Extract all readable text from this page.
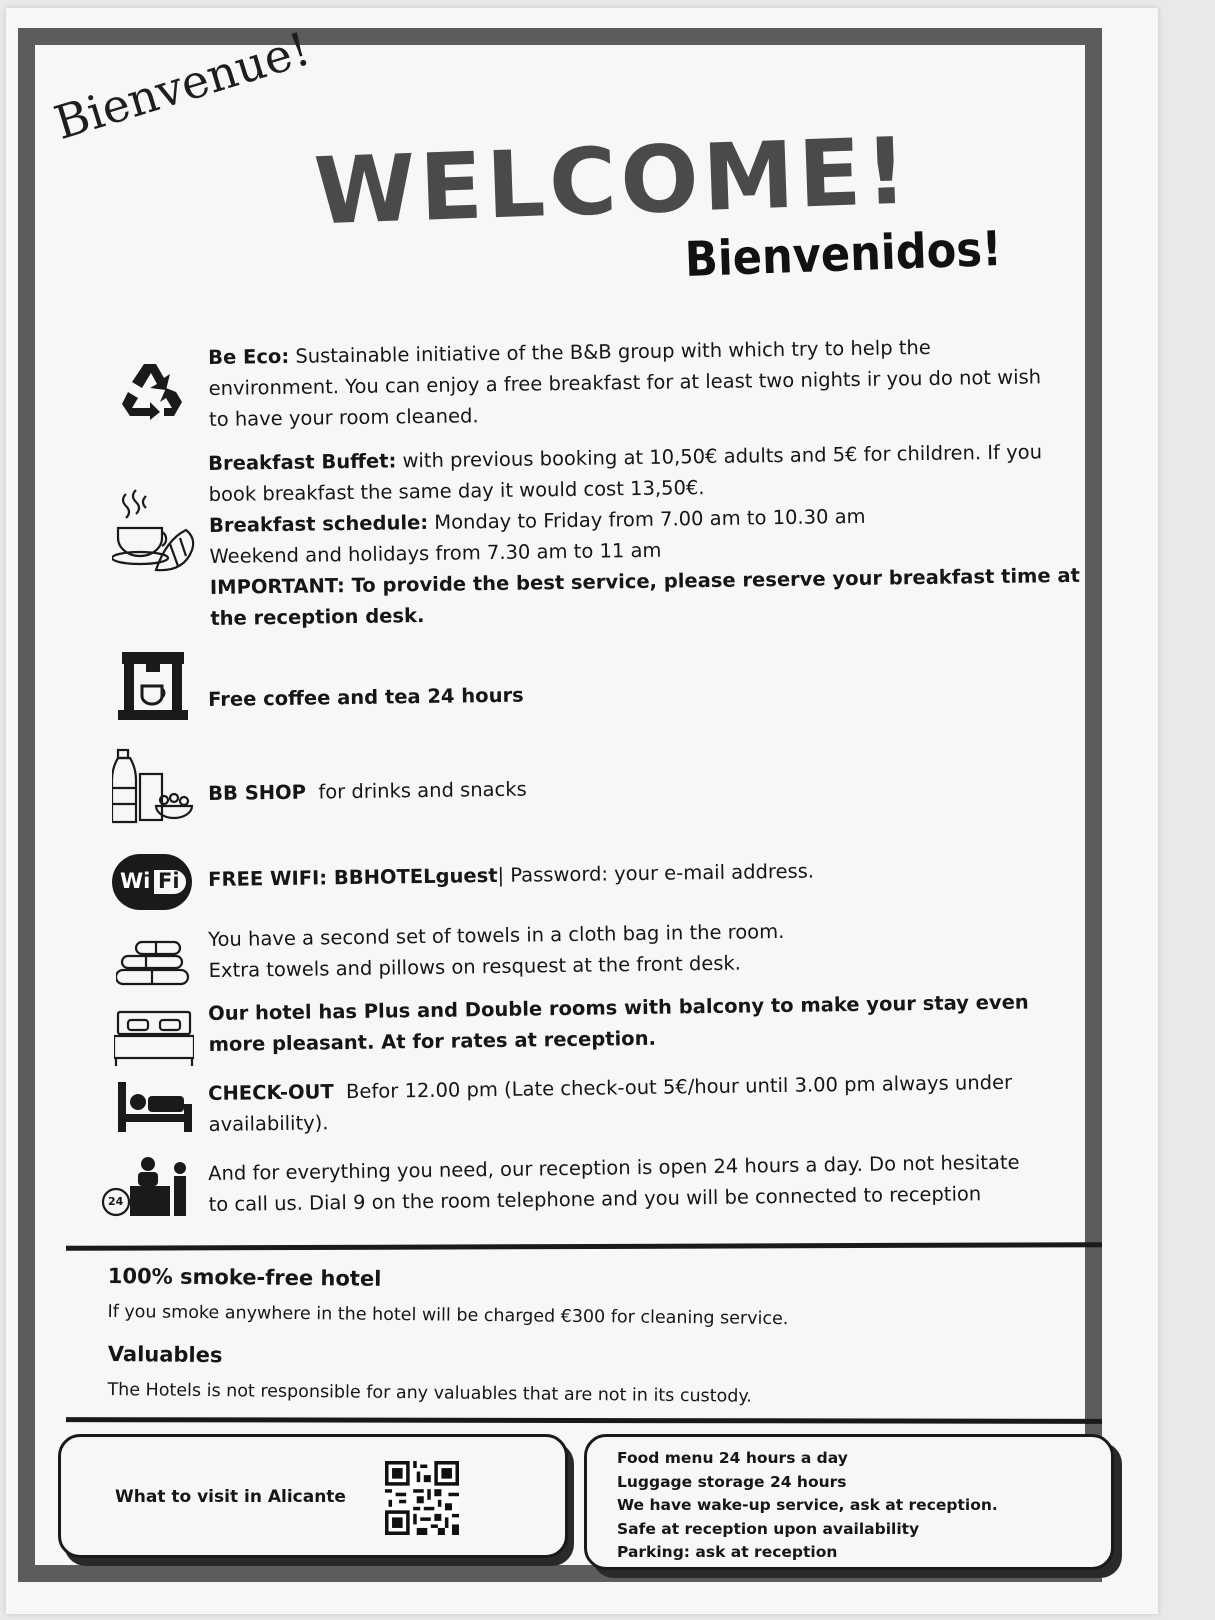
Bienvenue!
WELCOME!
Bienvenidos!
Be Eco: Sustainable initiative of the B&B group with which try to help the
environment. You can enjoy a free breakfast for at least two nights ir you do not wish
to have your room cleaned.
Breakfast Buffet: with previous booking at 10,50€ adults and 5€ for children. If you
book breakfast the same day it would cost 13,50€.
Breakfast schedule: Monday to Friday from 7.00 am to 10.30 am
Weekend and holidays from 7.30 am to 11 am
IMPORTANT: To provide the best service, please reserve your breakfast time at
the reception desk.
Free coffee and tea 24 hours
BB SHOP for drinks and snacks
Wi Fi FREE WIFI: BBHOTELguest| Password: your e-mail address.
You have a second set of towels in a cloth bag in the room.
Extra towels and pillows on resquest at the front desk.
Our hotel has Plus and Double rooms with balcony to make your stay even
more pleasant. At for rates at reception.
CHECK-OUT Befor 12.00 pm (Late check-out 5€/hour until 3.00 pm always under
availability).
24
And for everything you need, our reception is open 24 hours a day. Do not hesitate
to call us. Dial 9 on the room telephone and you will be connected to reception
100% smoke-free hotel
If you smoke anywhere in the hotel will be charged €300 for cleaning service.
Valuables
The Hotels is not responsible for any valuables that are not in its custody.
What to visit in Alicante
Food menu 24 hours a day
Luggage storage 24 hours
We have wake-up service, ask at reception.
Safe at reception upon availability
Parking: ask at reception
